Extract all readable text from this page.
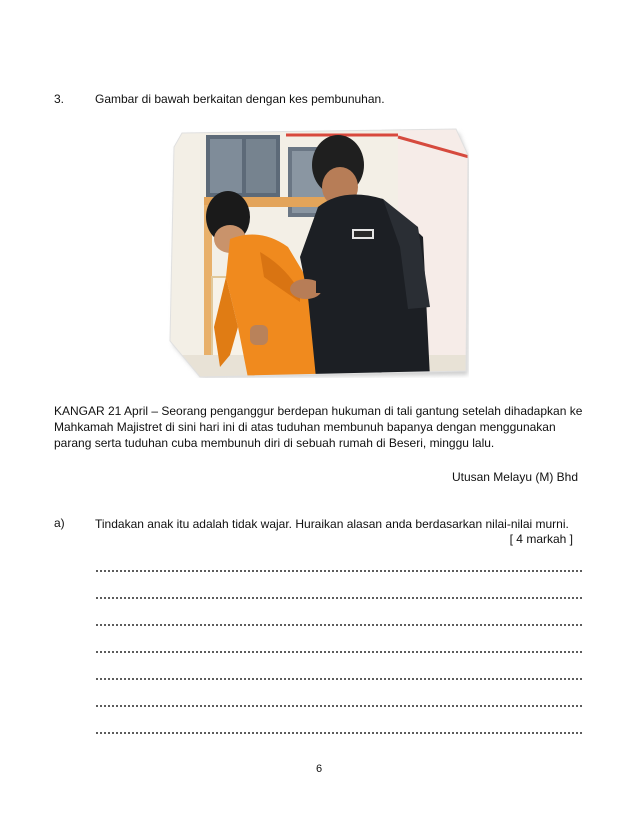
3.	Gambar di bawah berkaitan dengan kes pembunuhan.
KANGAR 21 April – Seorang penganggur berdepan hukuman di tali gantung setelah dihadapkan ke Mahkamah Majistret di sini hari ini di atas tuduhan membunuh bapanya dengan menggunakan parang serta tuduhan cuba membunuh diri di sebuah rumah di Beseri, minggu lalu.
Utusan Melayu (M) Bhd
a)	Tindakan anak itu adalah tidak wajar. Huraikan alasan anda berdasarkan nilai-nilai murni.
[ 4 markah ]
6
